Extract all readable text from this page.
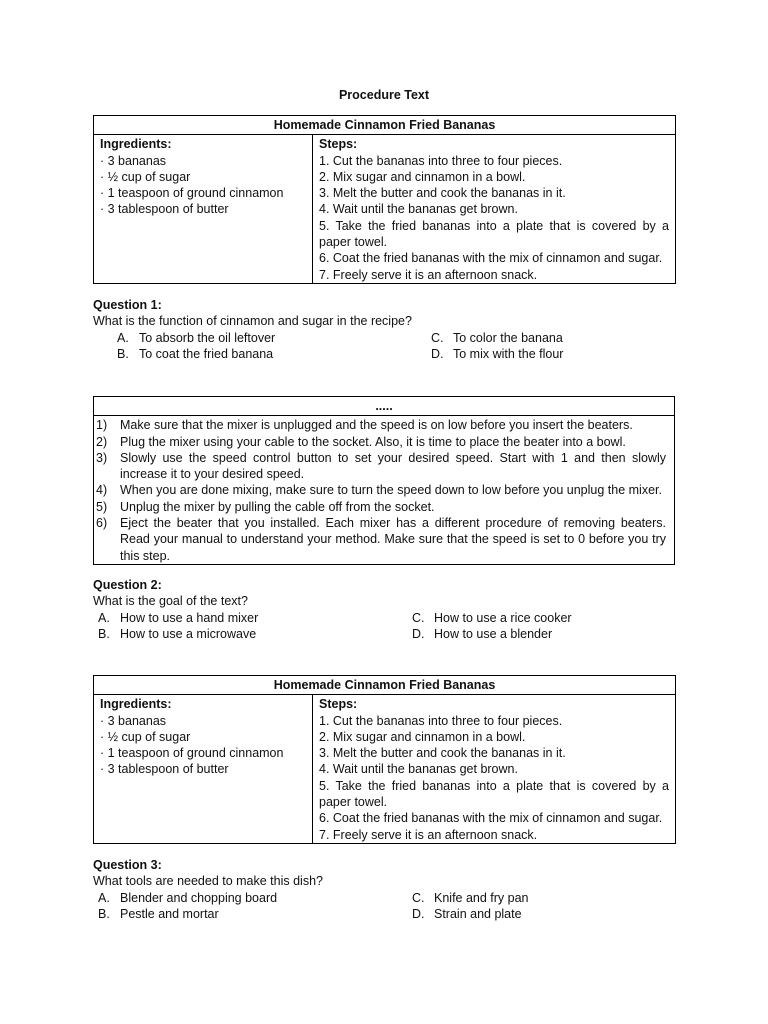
Procedure Text
Homemade Cinnamon Fried Bananas

Ingredients:
· 3 bananas
· ½ cup of sugar
· 1 teaspoon of ground cinnamon
· 3 tablespoon of butter

Steps:
1. Cut the bananas into three to four pieces.
2. Mix sugar and cinnamon in a bowl.
3. Melt the butter and cook the bananas in it.
4. Wait until the bananas get brown.
5. Take the fried bananas into a plate that is covered by a paper towel.
6. Coat the fried bananas with the mix of cinnamon and sugar.
7. Freely serve it is an afternoon snack.
Question 1:
What is the function of cinnamon and sugar in the recipe?
A. To absorb the oil leftover
B. To coat the fried banana
C. To color the banana
D. To mix with the flour
.....

1)	Make sure that the mixer is unplugged and the speed is on low before you insert the beaters.
2)	Plug the mixer using your cable to the socket. Also, it is time to place the beater into a bowl.
3)	Slowly use the speed control button to set your desired speed. Start with 1 and then slowly increase it to your desired speed.
4)	When you are done mixing, make sure to turn the speed down to low before you unplug the mixer.
5)	Unplug the mixer by pulling the cable off from the socket.
6)	Eject the beater that you installed. Each mixer has a different procedure of removing beaters. Read your manual to understand your method. Make sure that the speed is set to 0 before you try this step.
Question 2:
What is the goal of the text?
A. How to use a hand mixer
B. How to use a microwave
C. How to use a rice cooker
D. How to use a blender
Homemade Cinnamon Fried Bananas

Ingredients:
· 3 bananas
· ½ cup of sugar
· 1 teaspoon of ground cinnamon
· 3 tablespoon of butter

Steps:
1. Cut the bananas into three to four pieces.
2. Mix sugar and cinnamon in a bowl.
3. Melt the butter and cook the bananas in it.
4. Wait until the bananas get brown.
5. Take the fried bananas into a plate that is covered by a paper towel.
6. Coat the fried bananas with the mix of cinnamon and sugar.
7. Freely serve it is an afternoon snack.
Question 3:
What tools are needed to make this dish?
A. Blender and chopping board
B. Pestle and mortar
C. Knife and fry pan
D. Strain and plate
